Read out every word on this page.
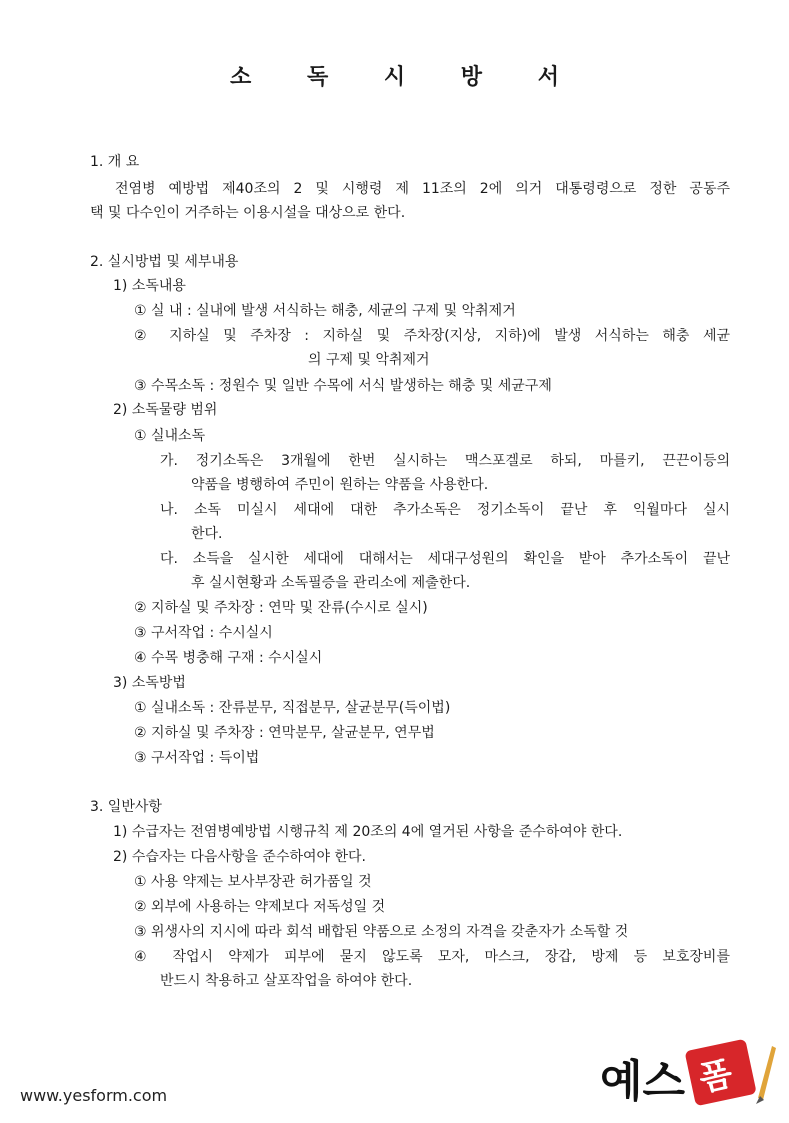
소 독 시 방 서
1. 개 요
전염병 예방법 제40조의 2 및 시행령 제 11조의 2에 의거 대통령령으로 정한 공동주
택 및 다수인이 거주하는 이용시설을 대상으로 한다.
2. 실시방법 및 세부내용
1) 소독내용
① 실 내 : 실내에 발생 서식하는 해충, 세균의 구제 및 악취제거
② 지하실 및 주차장 : 지하실 및 주차장(지상, 지하)에 발생 서식하는 해충 세균
의 구제 및 악취제거
③ 수목소독 : 정원수 및 일반 수목에 서식 발생하는 해충 및 세균구제
2) 소독물량 범위
① 실내소독
가. 정기소독은 3개월에 한번 실시하는 맥스포겔로 하되, 마를키, 끈끈이등의
약품을 병행하여 주민이 원하는 약품을 사용한다.
나. 소독 미실시 세대에 대한 추가소독은 정기소독이 끝난 후 익월마다 실시
한다.
다. 소득을 실시한 세대에 대해서는 세대구성원의 확인을 받아 추가소독이 끝난
후 실시현황과 소독필증을 관리소에 제출한다.
② 지하실 및 주차장 : 연막 및 잔류(수시로 실시)
③ 구서작업 : 수시실시
④ 수목 병충해 구재 : 수시실시
3) 소독방법
① 실내소독 : 잔류분무, 직접분무, 살균분무(득이법)
② 지하실 및 주차장 : 연막분무, 살균분무, 연무법
③ 구서작업 : 득이법
3. 일반사항
1) 수급자는 전염병예방법 시행규칙 제 20조의 4에 열거된 사항을 준수하여야 한다.
2) 수습자는 다음사항을 준수하여야 한다.
① 사용 약제는 보사부장관 허가품일 것
② 외부에 사용하는 약제보다 저독성일 것
③ 위생사의 지시에 따라 회석 배합된 약품으로 소정의 자격을 갖춘자가 소독할 것
④ 작업시 약제가 피부에 묻지 않도록 모자, 마스크, 장갑, 방제 등 보호장비를
반드시 착용하고 살포작업을 하여야 한다.
www.yesform.com	예스 폼
